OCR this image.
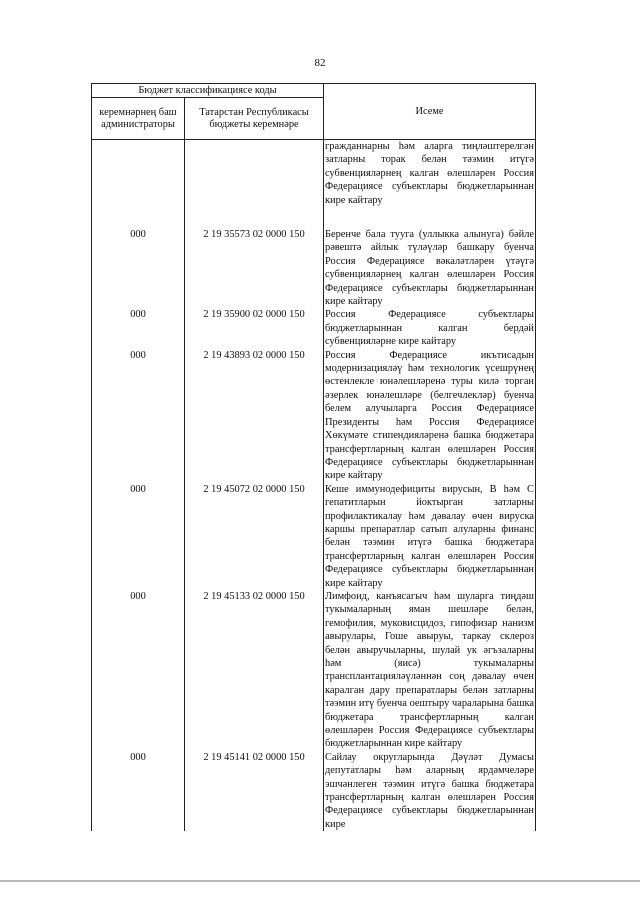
82
Бюджет классификациясе коды		Исеме
керемнәрнең баш администраторы	Татарстан Республикасы бюджеты керемнәре	
		гражданнарны һәм аларга тиңләштерелгән затларны торак белән тәэмин итүгә субвенцияләрнең калган өлешләрен Россия Федерациясе субъектлары бюджетларыннан кире кайтару
000	2 19 35573 02 0000 150	Беренче бала тууга (уллыкка алынуга) бәйле рәвештә айлык түләүләр башкару буенча Россия Федерациясе вәкаләтләрен үтәүгә субвенцияләрнең калган өлешләрен Россия Федерациясе субъектлары бюджетларыннан кире кайтару
000	2 19 35900 02 0000 150	Россия Федерациясе субъектлары бюджетларыннан калган бердәй субвенцияләрне кире кайтару
000	2 19 43893 02 0000 150	Россия Федерациясе икътисадын модернизацияләү һәм технологик үсешрүнең өстенлекле юнәлешләренә туры килә торган әзерлек юнәлешләре (белгечлекләр) буенча белем алучыларга Россия Федерациясе Президенты һәм Россия Федерациясе Хөкүмәте стипендияләренә башка бюджетара трансфертларның калган өлешләрен Россия Федерациясе субъектлары бюджетларыннан кире кайтару
000	2 19 45072 02 0000 150	Кеше иммунодефициты вирусын, В һәм С гепатитларын йоктырган затларны профилактикалау һәм дәвалау өчен вируска каршы препаратлар сатып алуларны финанс белән тәэмин итүгә башка бюджетара трансфертларның калган өлешләрен Россия Федерациясе субъектлары бюджетларыннан кире кайтару
000	2 19 45133 02 0000 150	Лимфоид, канъясагыч һәм шуларга тиңдәш тукымаларның яман шешләре белән, гемофилия, муковисцидоз, гипофизар нанизм авырулары, Гоше авыруы, таркау склероз белән авыручыларны, шулай ук әгъзаларны һәм (яисә) тукымаларны трансплантацияләүләннән соң дәвалау өчен каралган дару препаратлары белән затларны тәэмин итү буенча оештыру чараларына башка бюджетара трансфертларның калган өлешләрен Россия Федерациясе субъектлары бюджетларыннан кире кайтару
000	2 19 45141 02 0000 150	Сайлау округларында Дәүләт Думасы депутатлары һәм аларның ярдәмчеләре эшчәнлеген тәэмин итүгә башка бюджетара трансфертларның калган өлешләрен Россия Федерациясе субъектлары бюджетларыннан кире
